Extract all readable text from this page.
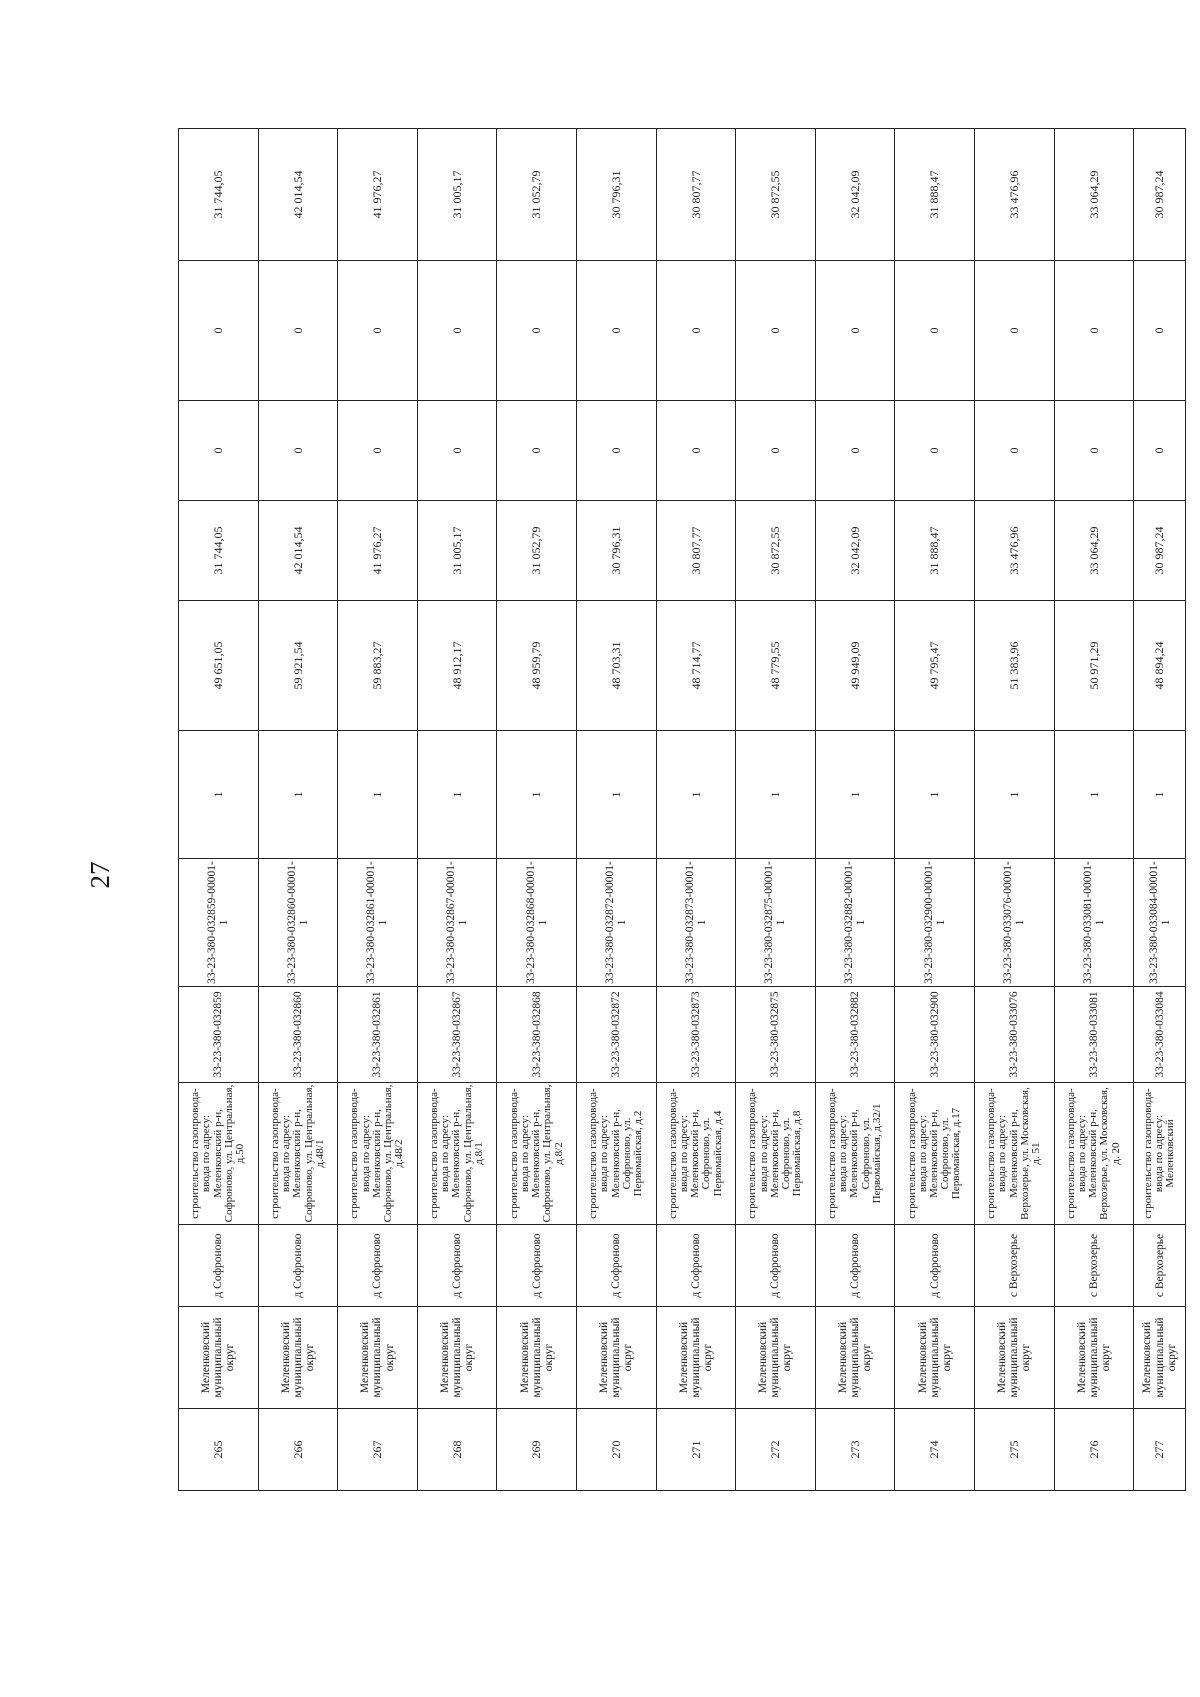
27
265	Меленковский муниципальный округ	д Софроново	строительство газопровода-ввода по адресу: Меленковский р-н, Софроново, ул. Центральная, д.50	33-23-380-032859	33-23-380-032859-00001-1	1	49 651,05	31 744,05	0	0	31 744,05	
266	Меленковский муниципальный округ	д Софроново	строительство газопровода-ввода по адресу: Меленковский р-н, Софроново, ул. Центральная, д.48/1	33-23-380-032860	33-23-380-032860-00001-1	1	59 921,54	42 014,54	0	0	42 014,54	
267	Меленковский муниципальный округ	д Софроново	строительство газопровода-ввода по адресу: Меленковский р-н, Софроново, ул. Центральная, д.48/2	33-23-380-032861	33-23-380-032861-00001-1	1	59 883,27	41 976,27	0	0	41 976,27	
268	Меленковский муниципальный округ	д Софроново	строительство газопровода-ввода по адресу: Меленковский р-н, Софроново, ул. Центральная, д.8/1	33-23-380-032867	33-23-380-032867-00001-1	1	48 912,17	31 005,17	0	0	31 005,17	
269	Меленковский муниципальный округ	д Софроново	строительство газопровода-ввода по адресу: Меленковский р-н, Софроново, ул. Центральная, д.8/2	33-23-380-032868	33-23-380-032868-00001-1	1	48 959,79	31 052,79	0	0	31 052,79	
270	Меленковский муниципальный округ	д Софроново	строительство газопровода-ввода по адресу: Меленковский р-н, Софроново, ул. Первомайская, д.2	33-23-380-032872	33-23-380-032872-00001-1	1	48 703,31	30 796,31	0	0	30 796,31	
271	Меленковский муниципальный округ	д Софроново	строительство газопровода-ввода по адресу: Меленковский р-н, Софроново, ул. Первомайская, д.4	33-23-380-032873	33-23-380-032873-00001-1	1	48 714,77	30 807,77	0	0	30 807,77	
272	Меленковский муниципальный округ	д Софроново	строительство газопровода-ввода по адресу: Меленковский р-н, Софроново, ул. Первомайская, д.8	33-23-380-032875	33-23-380-032875-00001-1	1	48 779,55	30 872,55	0	0	30 872,55	
273	Меленковский муниципальный округ	д Софроново	строительство газопровода-ввода по адресу: Меленковский р-н, Софроново, ул. Первомайская, д.32/1	33-23-380-032882	33-23-380-032882-00001-1	1	49 949,09	32 042,09	0	0	32 042,09	
274	Меленковский муниципальный округ	д Софроново	строительство газопровода-ввода по адресу: Меленковский р-н, Софроново, ул. Первомайская, д.17	33-23-380-032900	33-23-380-032900-00001-1	1	49 795,47	31 888,47	0	0	31 888,47	
275	Меленковский муниципальный округ	с Верхозерье	строительство газопровода-ввода по адресу: Меленковский р-н, Верхозерье, ул. Московская, д. 51	33-23-380-033076	33-23-380-033076-00001-1	1	51 383,96	33 476,96	0	0	33 476,96	
276	Меленковский муниципальный округ	с Верхозерье	строительство газопровода-ввода по адресу: Меленковский р-н, Верхозерье, ул. Московская, д. 20	33-23-380-033081	33-23-380-033081-00001-1	1	50 971,29	33 064,29	0	0	33 064,29	
277	Меленковский муниципальный округ	с Верхозерье	строительство газопровода-ввода по адресу: Меленковский	33-23-380-033084	33-23-380-033084-00001-1	1	48 894,24	30 987,24	0	0	30 987,24	
